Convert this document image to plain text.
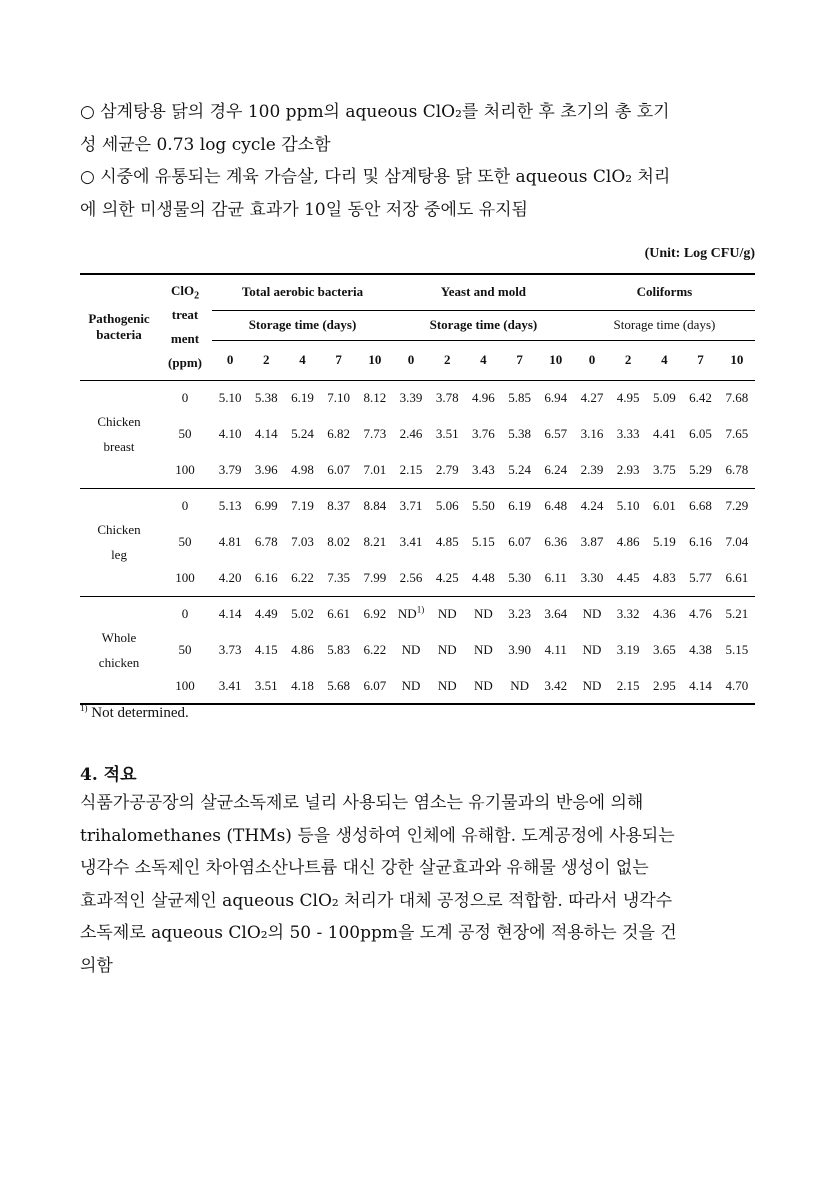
○ 삼계탕용 닭의 경우 100 ppm의 aqueous ClO₂를 처리한 후 초기의 총 호기
성 세균은 0.73 log cycle 감소함
○ 시중에 유통되는 계육 가슴살, 다리 및 삼계탕용 닭 또한 aqueous ClO₂ 처리
에 의한 미생물의 감균 효과가 10일 동안 저장 중에도 유지됨
(Unit: Log CFU/g)
Pathogenic
bacteria	ClO$_2$
treat
ment
(ppm)	Total aerobic bacteria					Yeast and mold					Coliforms				
		Storage time (days)					Storage time (days)					Storage time (days)				
		0	2	4	7	10	0	2	4	7	10	0	2	4	7	10
Chicken
breast	0	5.10	5.38	6.19	7.10	8.12	3.39	3.78	4.96	5.85	6.94	4.27	4.95	5.09	6.42	7.68
	50	4.10	4.14	5.24	6.82	7.73	2.46	3.51	3.76	5.38	6.57	3.16	3.33	4.41	6.05	7.65
	100	3.79	3.96	4.98	6.07	7.01	2.15	2.79	3.43	5.24	6.24	2.39	2.93	3.75	5.29	6.78
Chicken
leg	0	5.13	6.99	7.19	8.37	8.84	3.71	5.06	5.50	6.19	6.48	4.24	5.10	6.01	6.68	7.29
	50	4.81	6.78	7.03	8.02	8.21	3.41	4.85	5.15	6.07	6.36	3.87	4.86	5.19	6.16	7.04
	100	4.20	6.16	6.22	7.35	7.99	2.56	4.25	4.48	5.30	6.11	3.30	4.45	4.83	5.77	6.61
Whole
chicken	0	4.14	4.49	5.02	6.61	6.92	ND$^{1)}$	ND	ND	3.23	3.64	ND	3.32	4.36	4.76	5.21
	50	3.73	4.15	4.86	5.83	6.22	ND	ND	ND	3.90	4.11	ND	3.19	3.65	4.38	5.15
	100	3.41	3.51	4.18	5.68	6.07	ND	ND	ND	ND	3.42	ND	2.15	2.95	4.14	4.70
$^{1)}$ Not determined.
4. 적요
식품가공공장의 살균소독제로 널리 사용되는 염소는 유기물과의 반응에 의해
trihalomethanes (THMs) 등을 생성하여 인체에 유해함. 도계공정에 사용되는
냉각수 소독제인 차아염소산나트륨 대신 강한 살균효과와 유해물 생성이 없는
효과적인 살균제인 aqueous ClO₂ 처리가 대체 공정으로 적합함. 따라서 냉각수
소독제로 aqueous ClO₂의 50 - 100ppm을 도계 공정 현장에 적용하는 것을 건
의함
